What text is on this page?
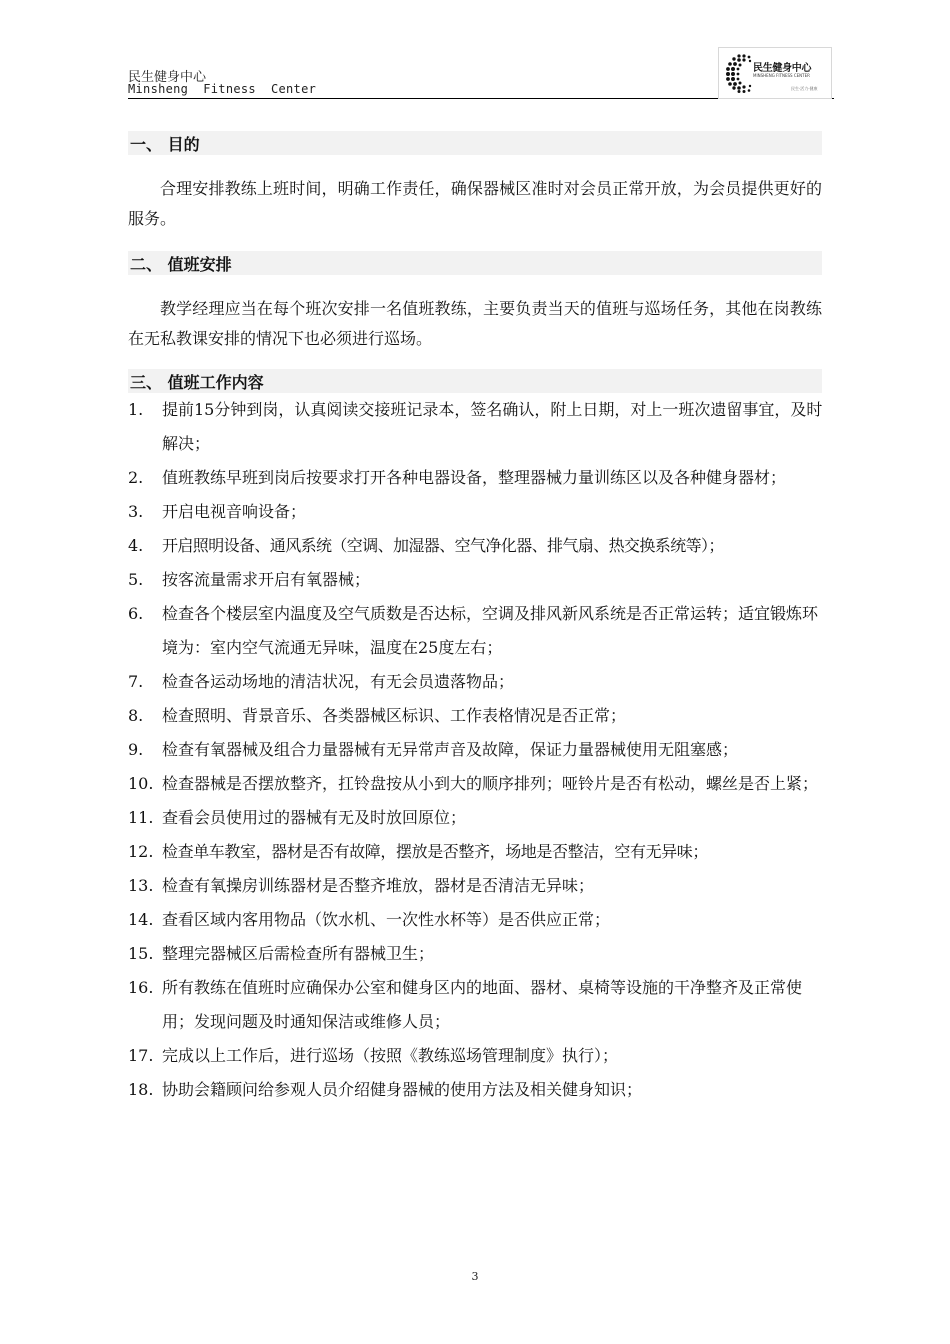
民生健身中心
Minsheng  Fitness  Center
民生健身中心
MINSHENG FITNESS CENTER
民生·活力·健康
一、 目的
合理安排教练上班时间，明确工作责任，确保器械区准时对会员正常开放，为会员提供更好的服务。
二、 值班安排
教学经理应当在每个班次安排一名值班教练，主要负责当天的值班与巡场任务，其他在岗教练在无私教课安排的情况下也必须进行巡场。
三、 值班工作内容
1. 提前15分钟到岗，认真阅读交接班记录本，签名确认，附上日期，对上一班次遗留事宜，及时解决；
2. 值班教练早班到岗后按要求打开各种电器设备，整理器械力量训练区以及各种健身器材；
3. 开启电视音响设备；
4. 开启照明设备、通风系统（空调、加湿器、空气净化器、排气扇、热交换系统等）；
5. 按客流量需求开启有氧器械；
6. 检查各个楼层室内温度及空气质数是否达标，空调及排风新风系统是否正常运转；适宜锻炼环境为：室内空气流通无异味，温度在25度左右；
7. 检查各运动场地的清洁状况，有无会员遗落物品；
8. 检查照明、背景音乐、各类器械区标识、工作表格情况是否正常；
9. 检查有氧器械及组合力量器械有无异常声音及故障，保证力量器械使用无阻塞感；
10. 检查器械是否摆放整齐，扛铃盘按从小到大的顺序排列；哑铃片是否有松动，螺丝是否上紧；
11. 查看会员使用过的器械有无及时放回原位；
12. 检查单车教室，器材是否有故障，摆放是否整齐，场地是否整洁，空有无异味；
13. 检查有氧操房训练器材是否整齐堆放，器材是否清洁无异味；
14. 查看区域内客用物品（饮水机、一次性水杯等）是否供应正常；
15. 整理完器械区后需检查所有器械卫生；
16. 所有教练在值班时应确保办公室和健身区内的地面、器材、桌椅等设施的干净整齐及正常使用；发现问题及时通知保洁或维修人员；
17. 完成以上工作后，进行巡场（按照《教练巡场管理制度》执行）；
18. 协助会籍顾问给参观人员介绍健身器械的使用方法及相关健身知识；
3
